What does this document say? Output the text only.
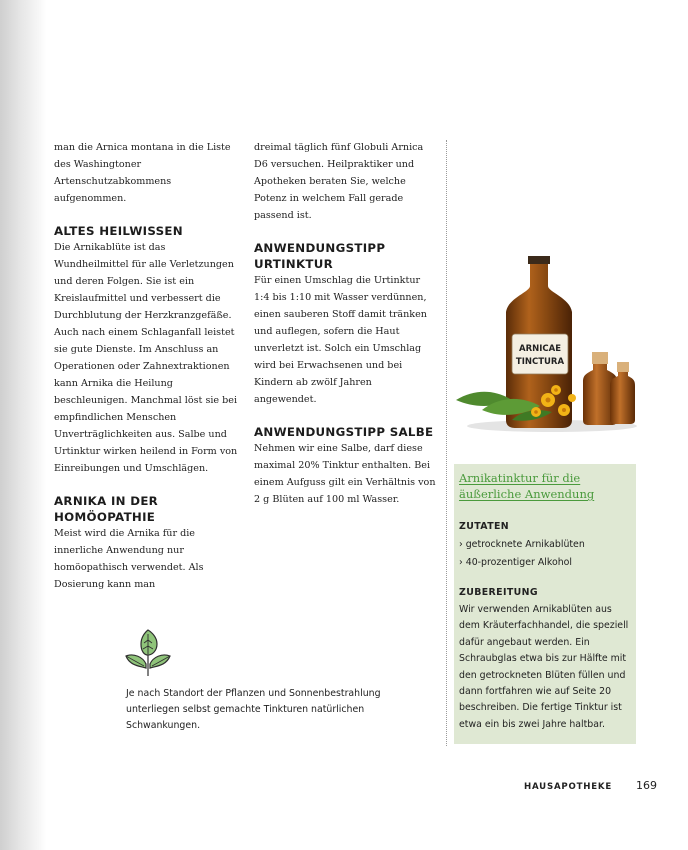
man die Arnica montana in die Liste des Washingtoner Artenschutzabkommens aufgenommen.

ALTES HEILWISSEN

Die Arnikablüte ist das Wundheilmittel für alle Verletzungen und deren Folgen. Sie ist ein Kreislaufmittel und verbessert die Durchblutung der Herzkranzgefäße. Auch nach einem Schlaganfall leistet sie gute Dienste. Im Anschluss an Operationen oder Zahnextraktionen kann Arnika die Heilung beschleunigen. Manchmal löst sie bei empfindlichen Menschen Unverträglichkeiten aus. Salbe und Urtinktur wirken heilend in Form von Einreibungen und Umschlägen.

ARNIKA IN DER HOMÖOPATHIE

Meist wird die Arnika für die innerliche Anwendung nur homöopathisch verwendet. Als Dosierung kann man

dreimal täglich fünf Globuli Arnica D6 versuchen. Heilpraktiker und Apotheken beraten Sie, welche Potenz in welchem Fall gerade passend ist.

ANWENDUNGSTIPP URTINKTUR

Für einen Umschlag die Urtinktur 1:4 bis 1:10 mit Wasser verdünnen, einen sauberen Stoff damit tränken und auflegen, sofern die Haut unverletzt ist. Solch ein Umschlag wird bei Erwachsenen und bei Kindern ab zwölf Jahren angewendet.

ANWENDUNGSTIPP SALBE

Nehmen wir eine Salbe, darf diese maximal 20% Tinktur enthalten. Bei einem Aufguss gilt ein Verhältnis von 2 g Blüten auf 100 ml Wasser.

ARNICAE
TINCTURA
Arnikatinktur für die äußerliche Anwendung
ZUTATEN

› getrocknete Arnikablüten

› 40-prozentiger Alkohol

ZUBEREITUNG

Wir verwenden Arnikablüten aus dem Kräuterfachhandel, die speziell dafür angebaut werden. Ein Schraubglas etwa bis zur Hälfte mit den getrockneten Blüten füllen und dann fortfahren wie auf Seite 20 beschreiben. Die fertige Tinktur ist etwa ein bis zwei Jahre haltbar.

Je nach Standort der Pflanzen und Sonnenbestrahlung unterliegen selbst gemachte Tinkturen natürlichen Schwankungen.
HAUSAPOTHEKE 169
